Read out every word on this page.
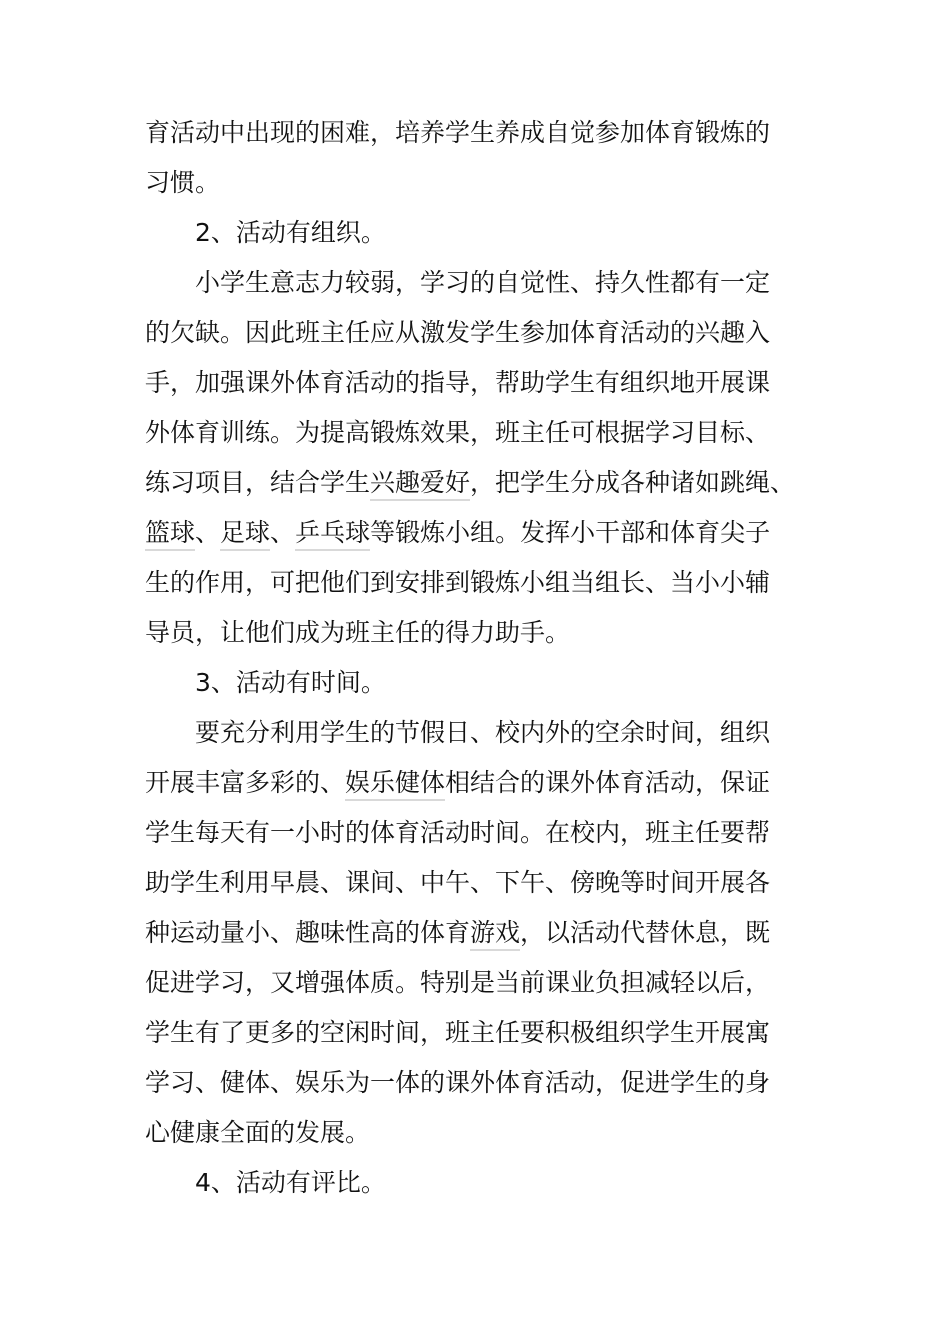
育活动中出现的困难，培养学生养成自觉参加体育锻炼的
习惯。
2、活动有组织。
小学生意志力较弱，学习的自觉性、持久性都有一定
的欠缺。因此班主任应从激发学生参加体育活动的兴趣入
手，加强课外体育活动的指导，帮助学生有组织地开展课
外体育训练。为提高锻炼效果，班主任可根据学习目标、
练习项目，结合学生兴趣爱好，把学生分成各种诸如跳绳、
篮球、足球、乒乓球等锻炼小组。发挥小干部和体育尖子
生的作用，可把他们到安排到锻炼小组当组长、当小小辅
导员，让他们成为班主任的得力助手。
3、活动有时间。
要充分利用学生的节假日、校内外的空余时间，组织
开展丰富多彩的、娱乐健体相结合的课外体育活动，保证
学生每天有一小时的体育活动时间。在校内，班主任要帮
助学生利用早晨、课间、中午、下午、傍晚等时间开展各
种运动量小、趣味性高的体育游戏，以活动代替休息，既
促进学习，又增强体质。特别是当前课业负担减轻以后，
学生有了更多的空闲时间，班主任要积极组织学生开展寓
学习、健体、娱乐为一体的课外体育活动，促进学生的身
心健康全面的发展。
4、活动有评比。
